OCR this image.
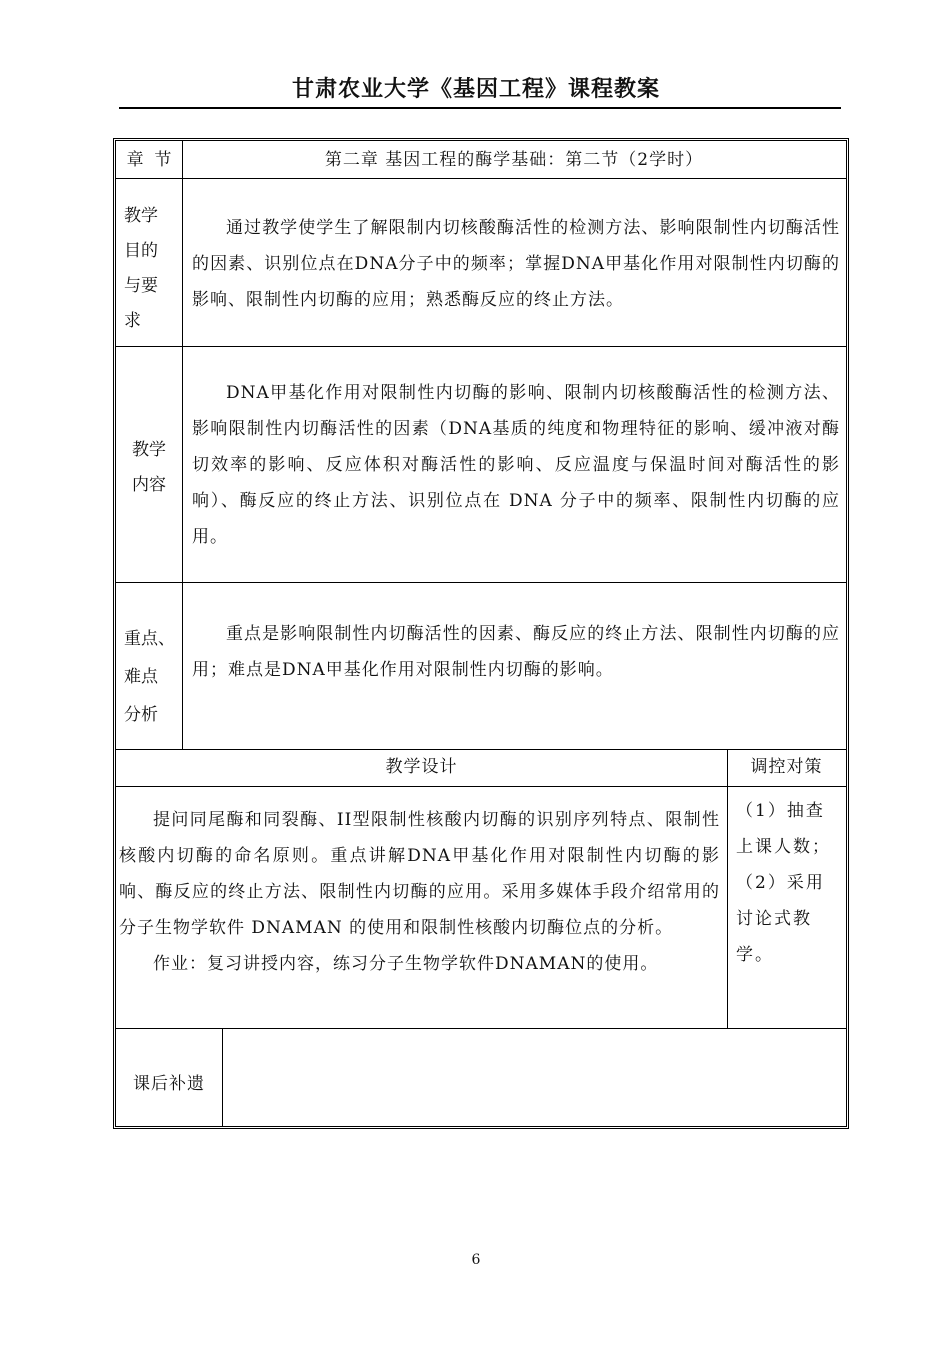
甘肃农业大学《基因工程》课程教案
章  节	第二章 基因工程的酶学基础：第二节（2学时）
教学
目的
与要
求
通过教学使学生了解限制内切核酸酶活性的检测方法、影响限制性内切酶活性的因素、识别位点在DNA分子中的频率；掌握DNA甲基化作用对限制性内切酶的影响、限制性内切酶的应用；熟悉酶反应的终止方法。
教学
内容
DNA甲基化作用对限制性内切酶的影响、限制内切核酸酶活性的检测方法、影响限制性内切酶活性的因素（DNA基质的纯度和物理特征的影响、缓冲液对酶切效率的影响、反应体积对酶活性的影响、反应温度与保温时间对酶活性的影响）、酶反应的终止方法、识别位点在 DNA 分子中的频率、限制性内切酶的应用。
重点、
难点
分析
重点是影响限制性内切酶活性的因素、酶反应的终止方法、限制性内切酶的应用；难点是DNA甲基化作用对限制性内切酶的影响。
教学设计	调控对策
提问同尾酶和同裂酶、II型限制性核酸内切酶的识别序列特点、限制性核酸内切酶的命名原则。重点讲解DNA甲基化作用对限制性内切酶的影响、酶反应的终止方法、限制性内切酶的应用。采用多媒体手段介绍常用的分子生物学软件 DNAMAN 的使用和限制性核酸内切酶位点的分析。
作业：复习讲授内容，练习分子生物学软件DNAMAN的使用。
（1）抽查上课人数；（2）采用讨论式教学。
课后补遗
6
